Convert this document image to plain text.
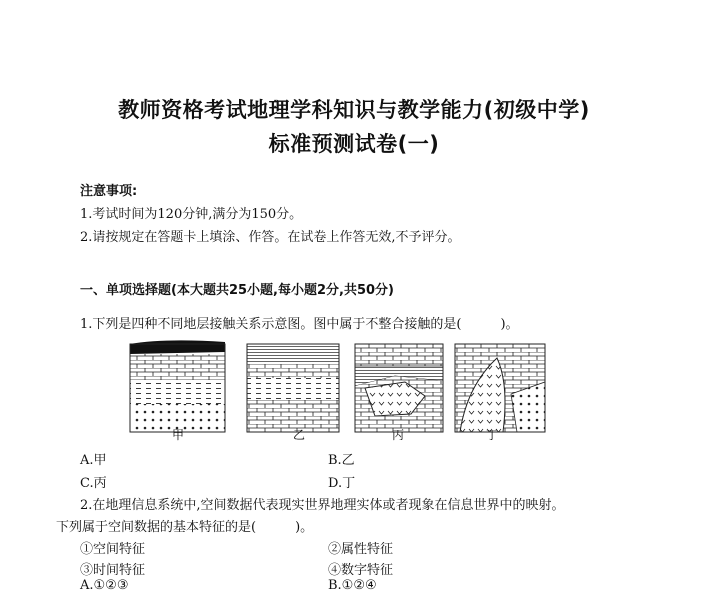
教师资格考试地理学科知识与教学能力(初级中学)
标准预测试卷(一)
注意事项:
1.考试时间为120分钟,满分为150分。
2.请按规定在答题卡上填涂、作答。在试卷上作答无效,不予评分。
一、单项选择题(本大题共25小题,每小题2分,共50分)
1.下列是四种不同地层接触关系示意图。图中属于不整合接触的是(　　　)。
甲	乙	丙	丁
A.甲	B.乙
C.丙	D.丁
2.在地理信息系统中,空间数据代表现实世界地理实体或者现象在信息世界中的映射。
下列属于空间数据的基本特征的是(　　　)。
①空间特征	②属性特征
③时间特征	④数字特征
A.①②③	B.①②④
